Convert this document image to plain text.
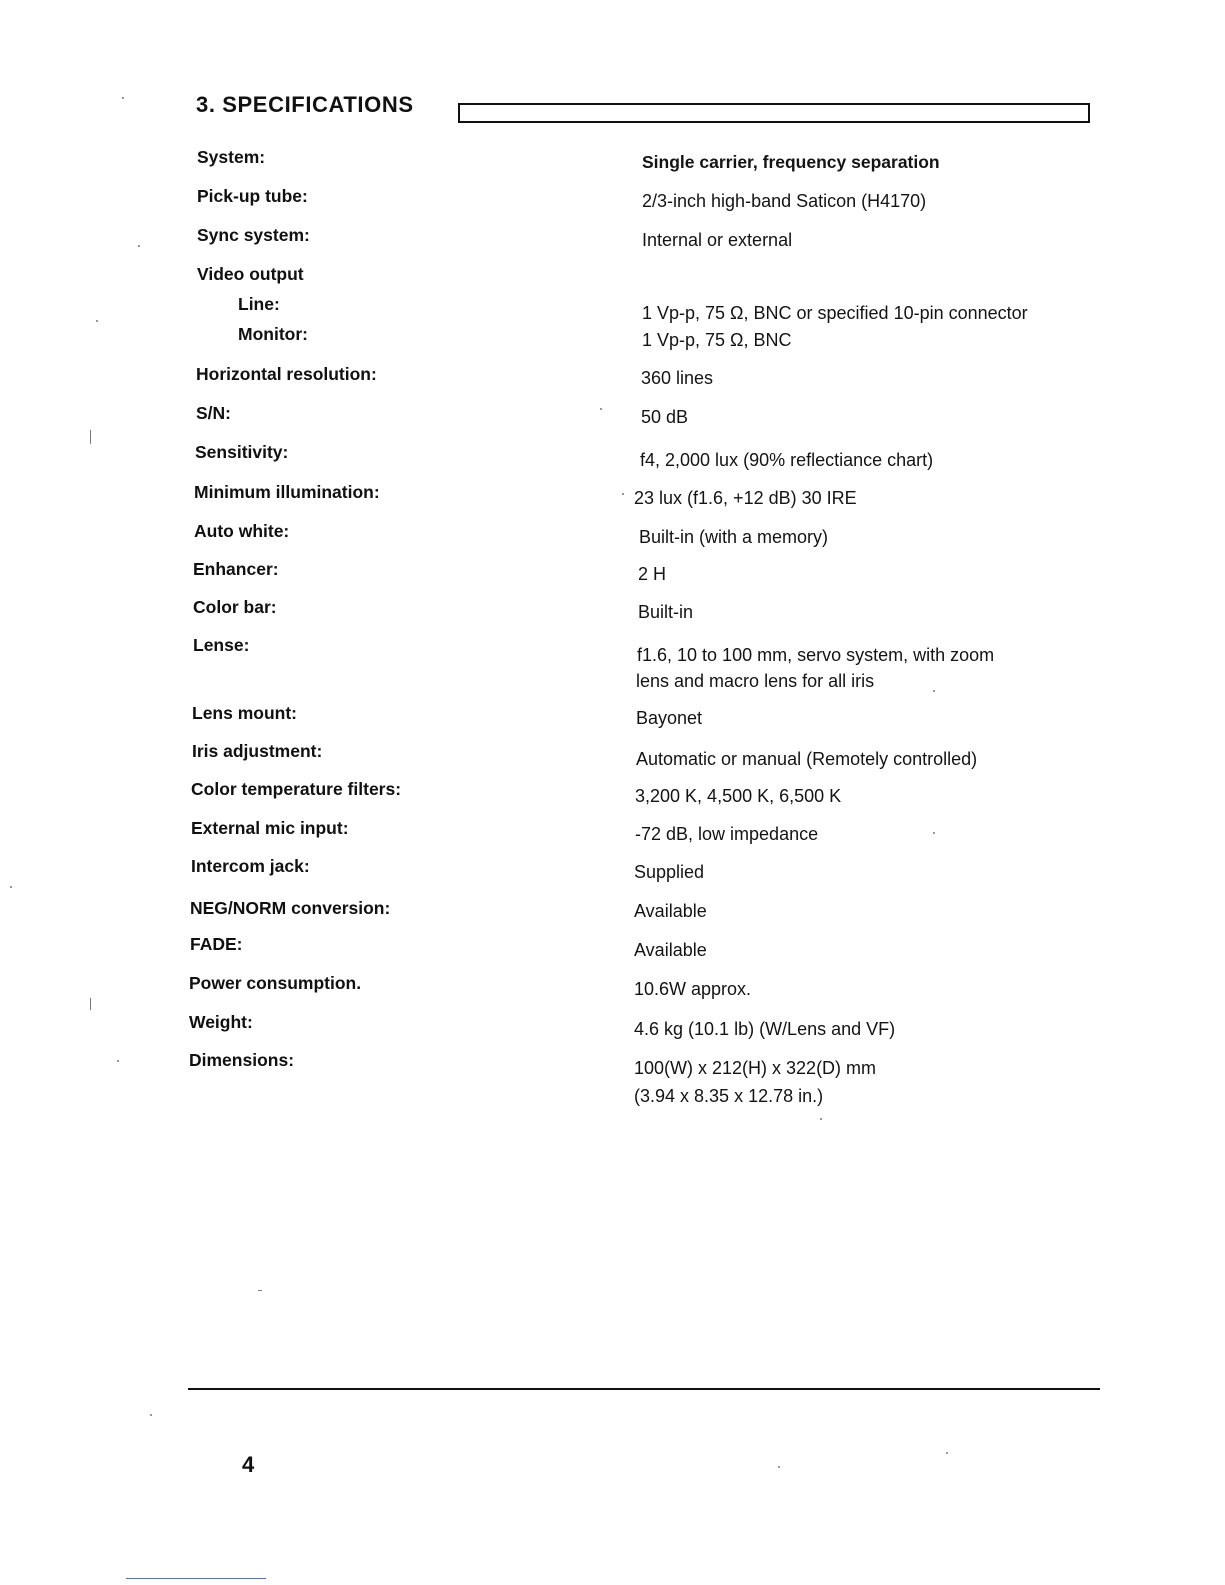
3. SPECIFICATIONS
System:	Single carrier, frequency separation
Pick-up tube:	2/3-inch high-band Saticon (H4170)
Sync system:	Internal or external
Video output
Line:	1 Vp-p, 75 Ω, BNC or specified 10-pin connector
Monitor:	1 Vp-p, 75 Ω, BNC
Horizontal resolution:	360 lines
S/N:	50 dB
Sensitivity:	f4, 2,000 lux (90% reflectiance chart)
Minimum illumination:	23 lux (f1.6, +12 dB) 30 IRE
Auto white:	Built-in (with a memory)
Enhancer:	2 H
Color bar:	Built-in
Lense:	f1.6, 10 to 100 mm, servo system, with zoom
lens and macro lens for all iris
Lens mount:	Bayonet
Iris adjustment:	Automatic or manual (Remotely controlled)
Color temperature filters:	3,200 K, 4,500 K, 6,500 K
External mic input:	-72 dB, low impedance
Intercom jack:	Supplied
NEG/NORM conversion:	Available
FADE:	Available
Power consumption.	10.6W approx.
Weight:	4.6 kg (10.1 lb) (W/Lens and VF)
Dimensions:	100(W) x 212(H) x 322(D) mm
(3.94 x 8.35 x 12.78 in.)
4
